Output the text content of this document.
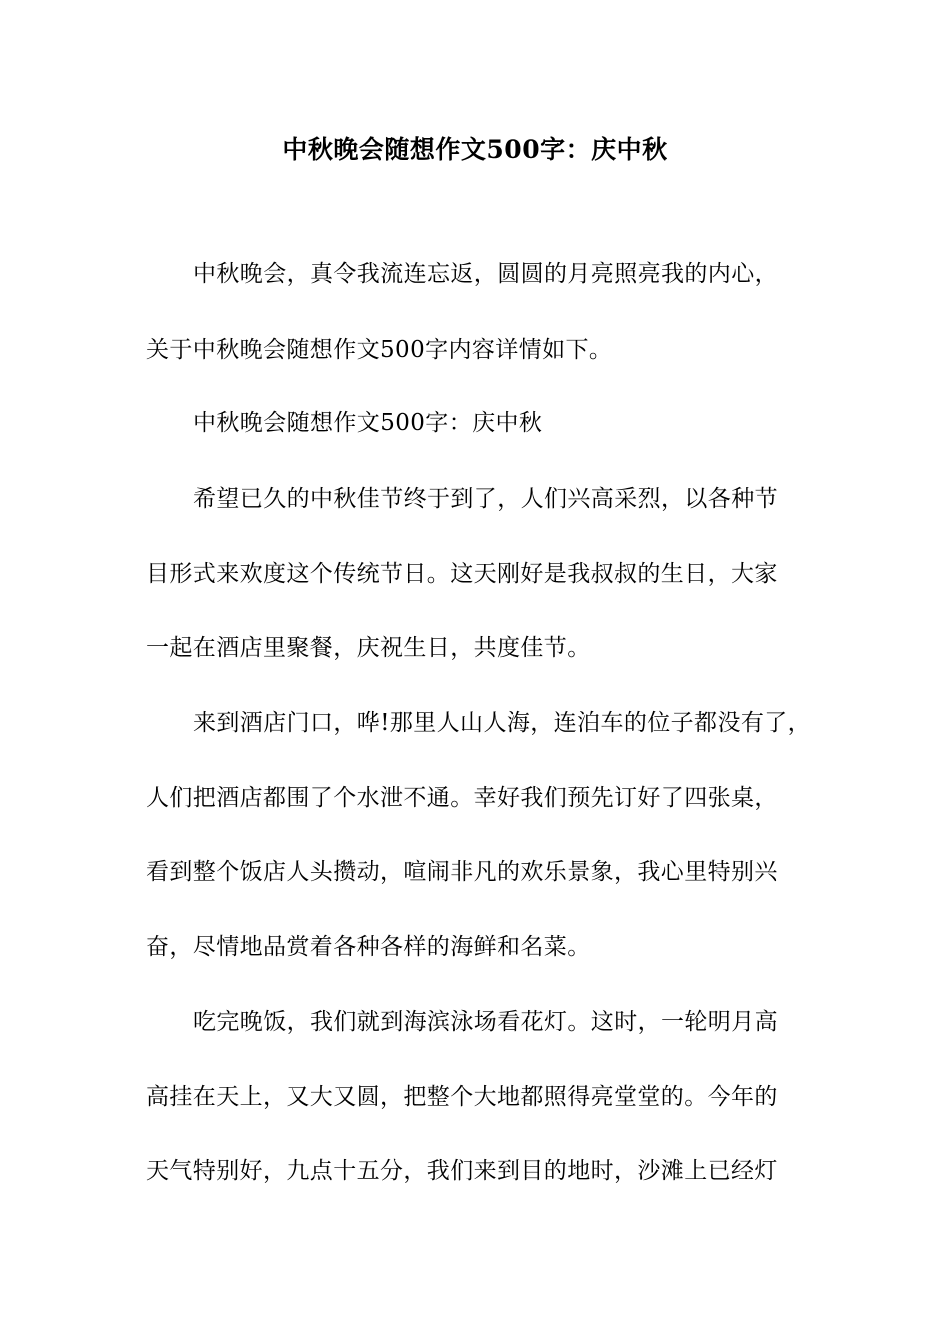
中秋晚会随想作文500字：庆中秋
中秋晚会，真令我流连忘返，圆圆的月亮照亮我的内心，
关于中秋晚会随想作文500字内容详情如下。
中秋晚会随想作文500字：庆中秋
希望已久的中秋佳节终于到了，人们兴高采烈，以各种节
目形式来欢度这个传统节日。这天刚好是我叔叔的生日，大家
一起在酒店里聚餐，庆祝生日，共度佳节。
来到酒店门口，哗!那里人山人海，连泊车的位子都没有了，
人们把酒店都围了个水泄不通。幸好我们预先订好了四张桌，
看到整个饭店人头攒动，喧闹非凡的欢乐景象，我心里特别兴
奋，尽情地品赏着各种各样的海鲜和名菜。
吃完晚饭，我们就到海滨泳场看花灯。这时，一轮明月高
高挂在天上，又大又圆，把整个大地都照得亮堂堂的。今年的
天气特别好，九点十五分，我们来到目的地时，沙滩上已经灯
